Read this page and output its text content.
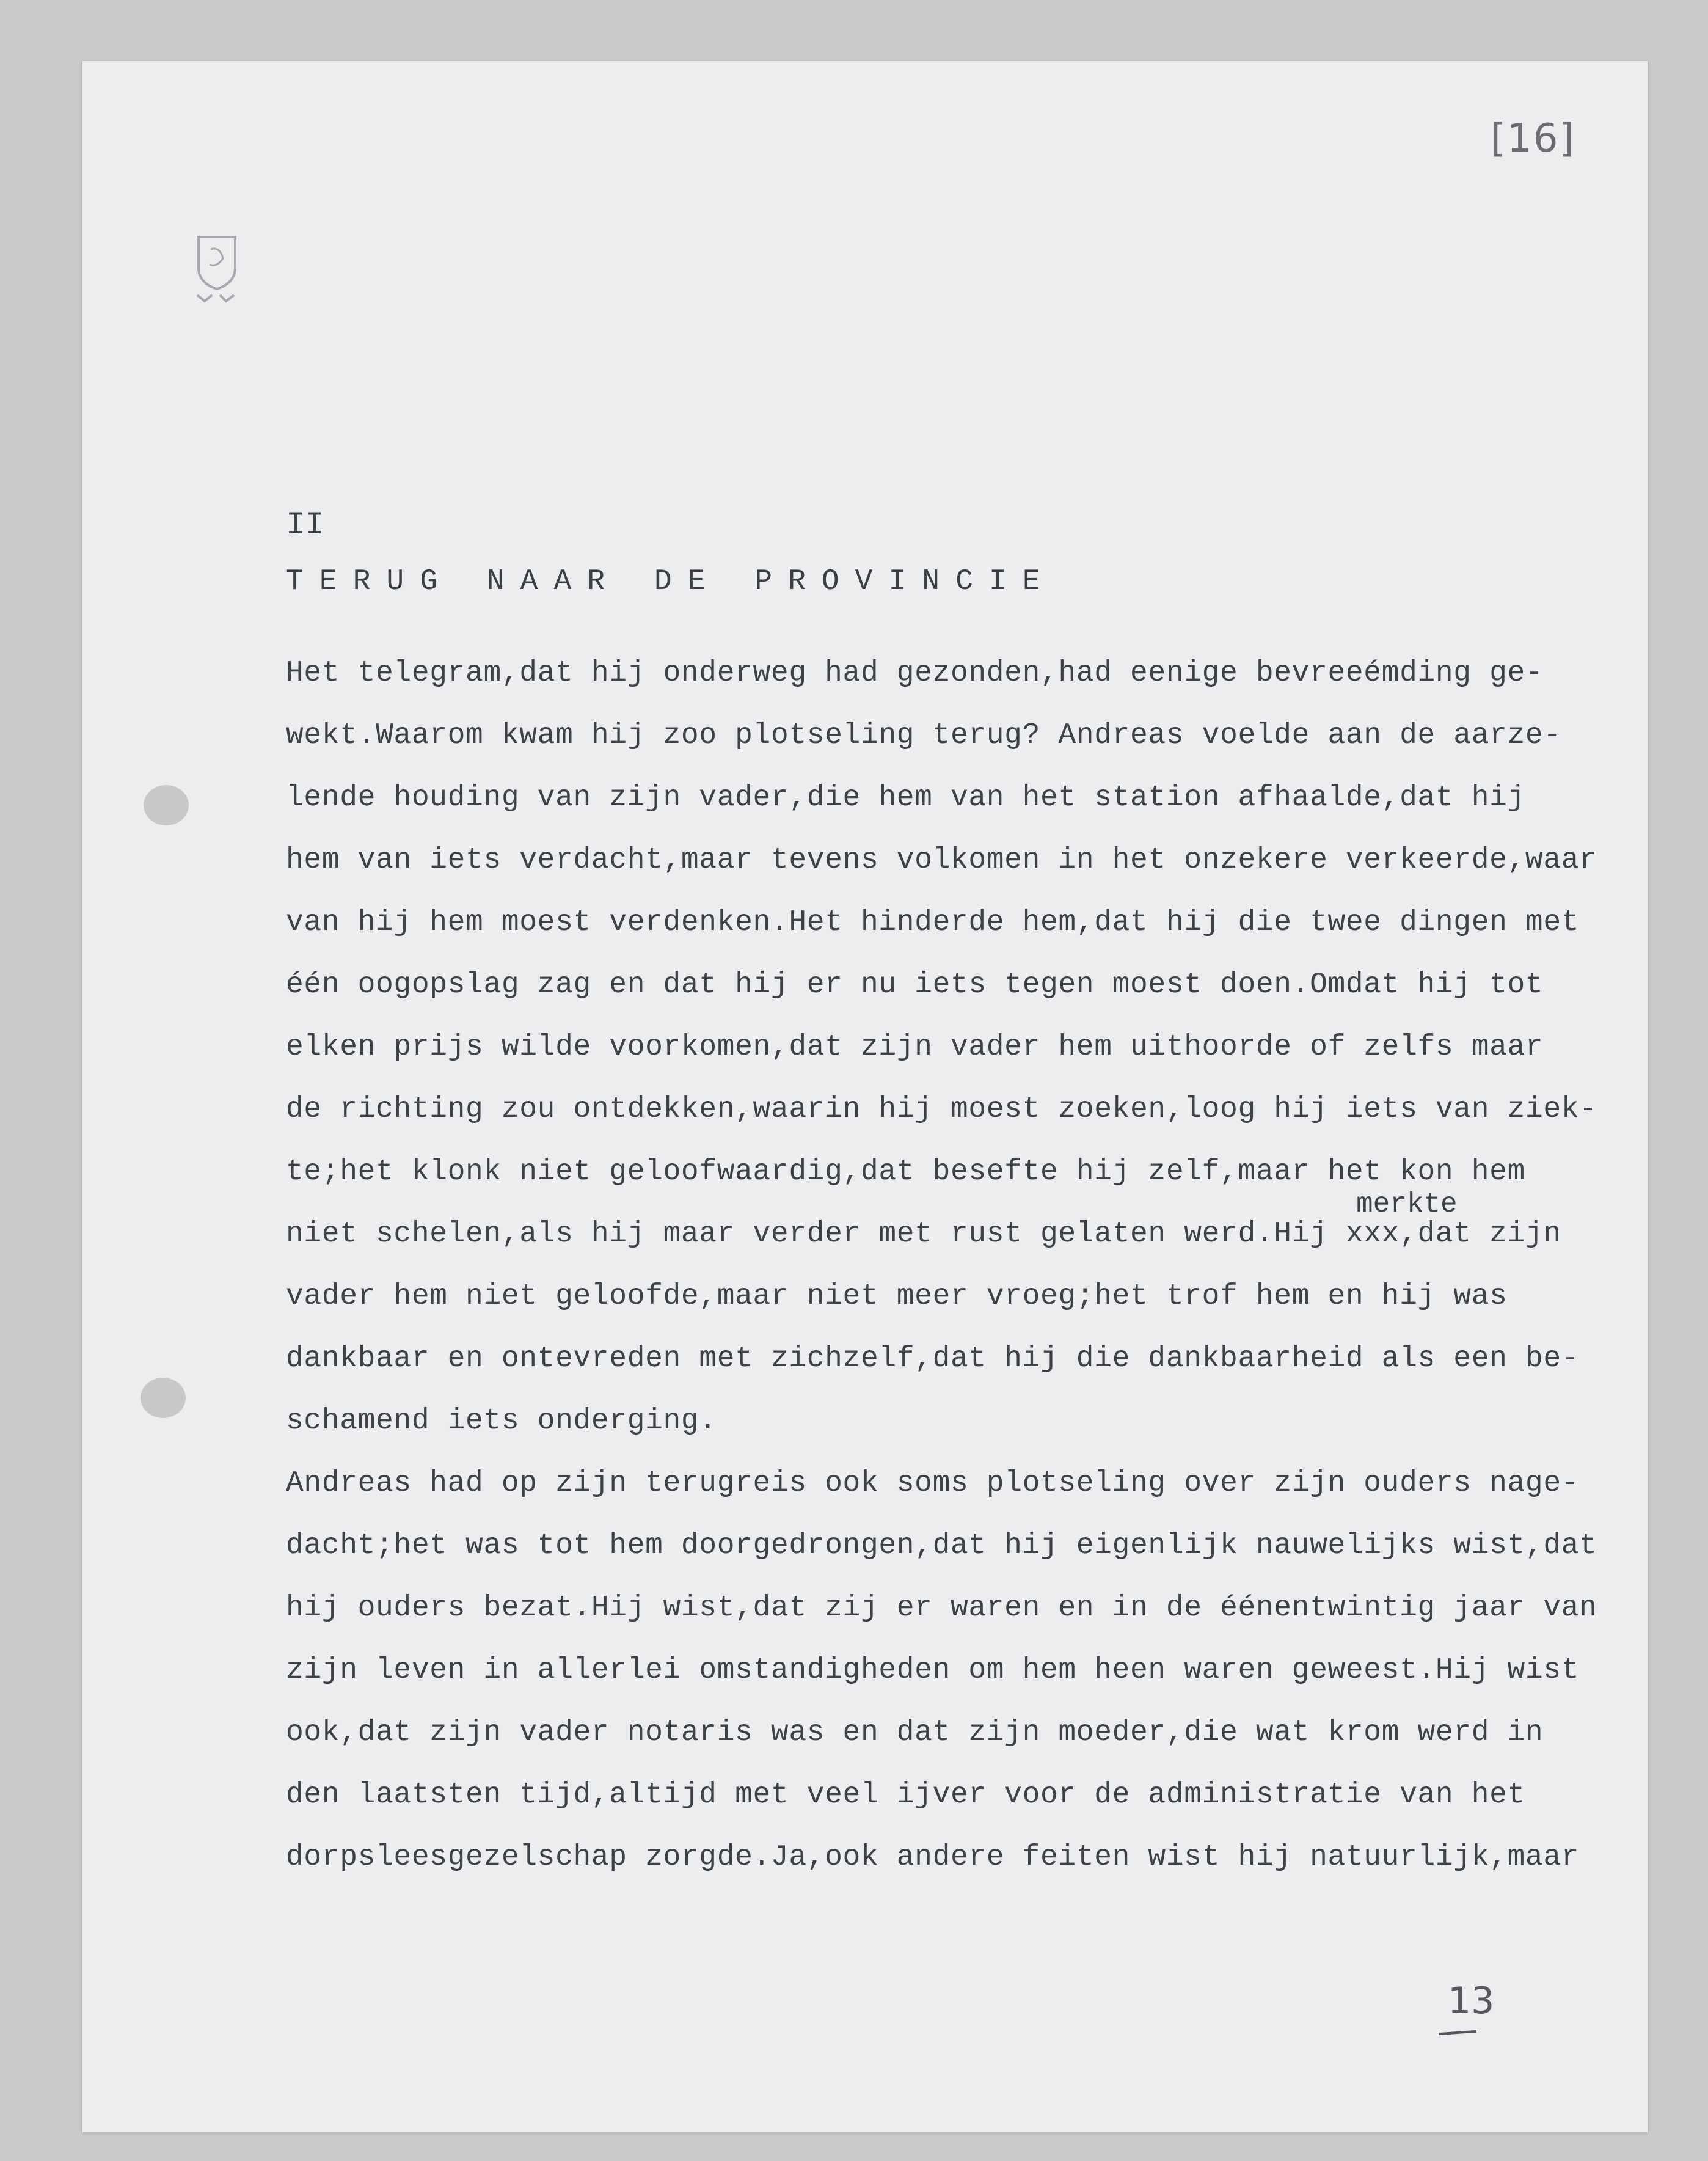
[16]
II
TERUG NAAR DE PROVINCIE
merkte
Het telegram,dat hij onderweg had gezonden,had eenige bevreeémding ge-
wekt.Waarom kwam hij zoo plotseling terug? Andreas voelde aan de aarze-
lende houding van zijn vader,die hem van het station afhaalde,dat hij
hem van iets verdacht,maar tevens volkomen in het onzekere verkeerde,waar
van hij hem moest verdenken.Het hinderde hem,dat hij die twee dingen met
één oogopslag zag en dat hij er nu iets tegen moest doen.Omdat hij tot
elken prijs wilde voorkomen,dat zijn vader hem uithoorde of zelfs maar
de richting zou ontdekken,waarin hij moest zoeken,loog hij iets van ziek-
te;het klonk niet geloofwaardig,dat besefte hij zelf,maar het kon hem
niet schelen,als hij maar verder met rust gelaten werd.Hij xxx,dat zijn
vader hem niet geloofde,maar niet meer vroeg;het trof hem en hij was
dankbaar en ontevreden met zichzelf,dat hij die dankbaarheid als een be-
schamend iets onderging.
Andreas had op zijn terugreis ook soms plotseling over zijn ouders nage-
dacht;het was tot hem doorgedrongen,dat hij eigenlijk nauwelijks wist,dat
hij ouders bezat.Hij wist,dat zij er waren en in de éénentwintig jaar van
zijn leven in allerlei omstandigheden om hem heen waren geweest.Hij wist
ook,dat zijn vader notaris was en dat zijn moeder,die wat krom werd in
den laatsten tijd,altijd met veel ijver voor de administratie van het
dorpsleesgezelschap zorgde.Ja,ook andere feiten wist hij natuurlijk,maar
13
